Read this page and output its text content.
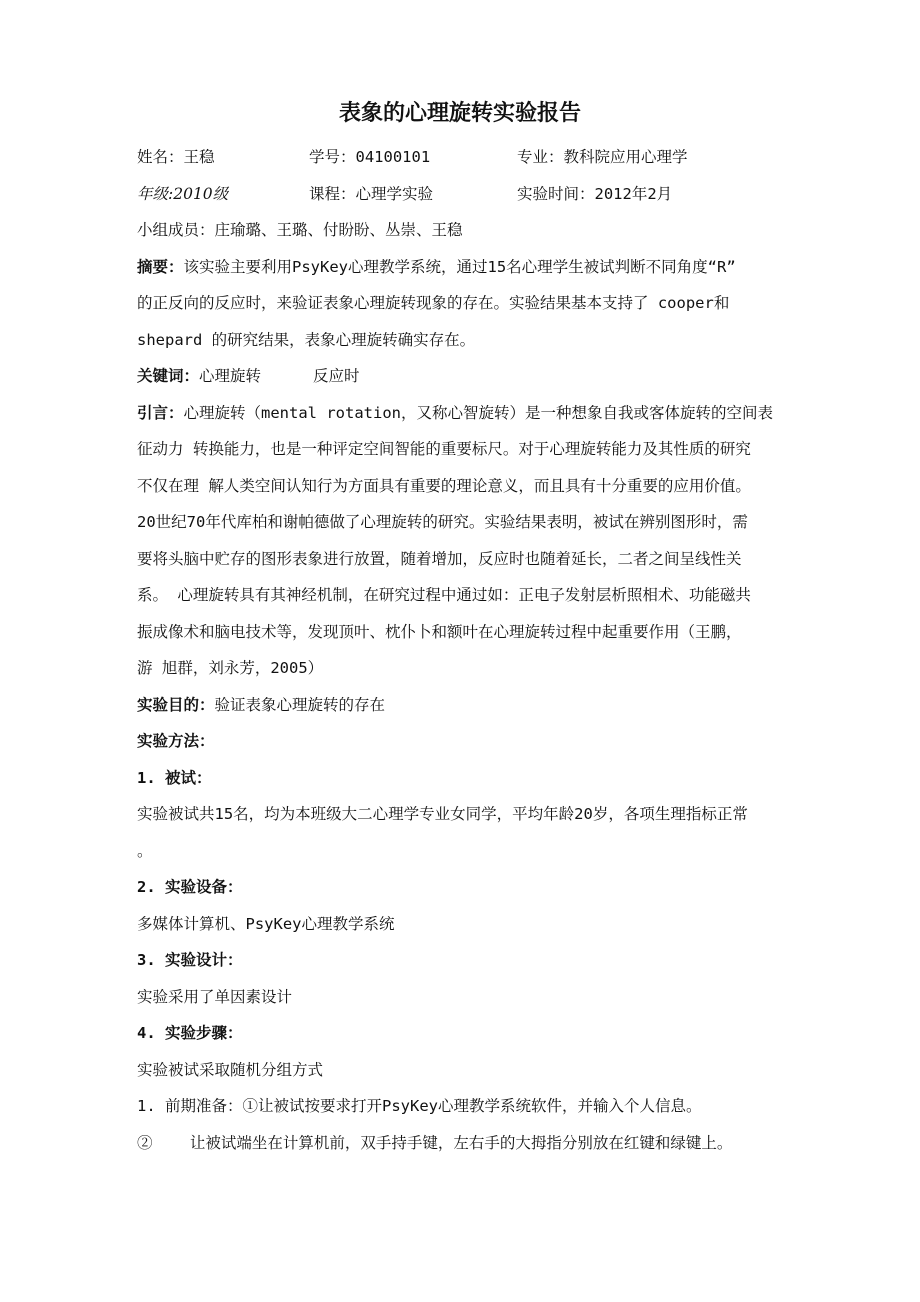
表象的心理旋转实验报告
姓名：王稳	学号：04100101	专业：教科院应用心理学
年级:2010级	课程：心理学实验	实验时间：2012年2月
小组成员：庄瑜璐、王璐、付盼盼、丛崇、王稳
摘要：该实验主要利用PsyKey心理教学系统，通过15名心理学生被试判断不同角度“R”
的正反向的反应时，来验证表象心理旋转现象的存在。实验结果基本支持了 cooper和
shepard 的研究结果，表象心理旋转确实存在。
关键词：心理旋转	反应时
引言：心理旋转（mental rotation，又称心智旋转）是一种想象自我或客体旋转的空间表
征动力 转换能力，也是一种评定空间智能的重要标尺。对于心理旋转能力及其性质的研究
不仅在理 解人类空间认知行为方面具有重要的理论意义，而且具有十分重要的应用价值。
20世纪70年代库柏和谢帕德做了心理旋转的研究。实验结果表明，被试在辨别图形时，需
要将头脑中贮存的图形表象进行放置，随着增加，反应时也随着延长，二者之间呈线性关
系。 心理旋转具有其神经机制，在研究过程中通过如：正电子发射层析照相术、功能磁共
振成像术和脑电技术等，发现顶叶、枕仆卜和额叶在心理旋转过程中起重要作用（王鹏，
游 旭群，刘永芳，2005）
实验目的：验证表象心理旋转的存在
实验方法：
1. 被试：
实验被试共15名，均为本班级大二心理学专业女同学，平均年龄20岁，各项生理指标正常
。
2. 实验设备：
多媒体计算机、PsyKey心理教学系统
3. 实验设计：
实验采用了单因素设计
4. 实验步骤：
实验被试采取随机分组方式
1. 前期准备：①让被试按要求打开PsyKey心理教学系统软件，并输入个人信息。
②    让被试端坐在计算机前，双手持手键，左右手的大拇指分别放在红键和绿键上。
